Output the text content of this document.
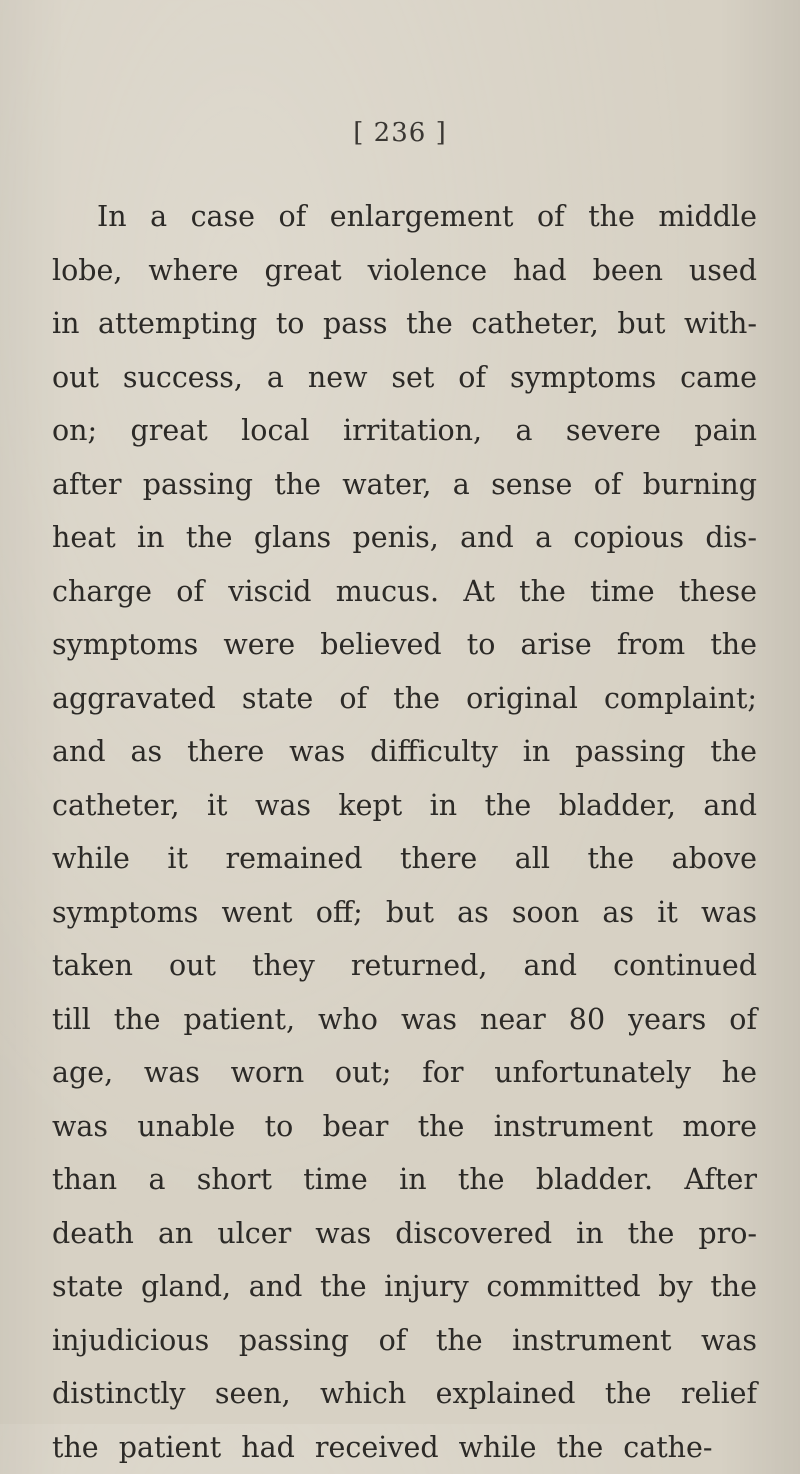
[ 236 ]
In a case of enlargement of the middle
lobe, where great violence had been used
in attempting to pass the catheter, but with-
out success, a new set of symptoms came
on; great local irritation, a severe pain
after passing the water, a sense of burning
heat in the glans penis, and a copious dis-
charge of viscid mucus. At the time these
symptoms were believed to arise from the
aggravated state of the original complaint;
and as there was difficulty in passing the
catheter, it was kept in the bladder, and
while it remained there all the above
symptoms went off; but as soon as it was
taken out they returned, and continued
till the patient, who was near 80 years of
age, was worn out; for unfortunately he
was unable to bear the instrument more
than a short time in the bladder. After
death an ulcer was discovered in the pro-
state gland, and the injury committed by the
injudicious passing of the instrument was
distinctly seen, which explained the relief
the patient had received while the cathe-
